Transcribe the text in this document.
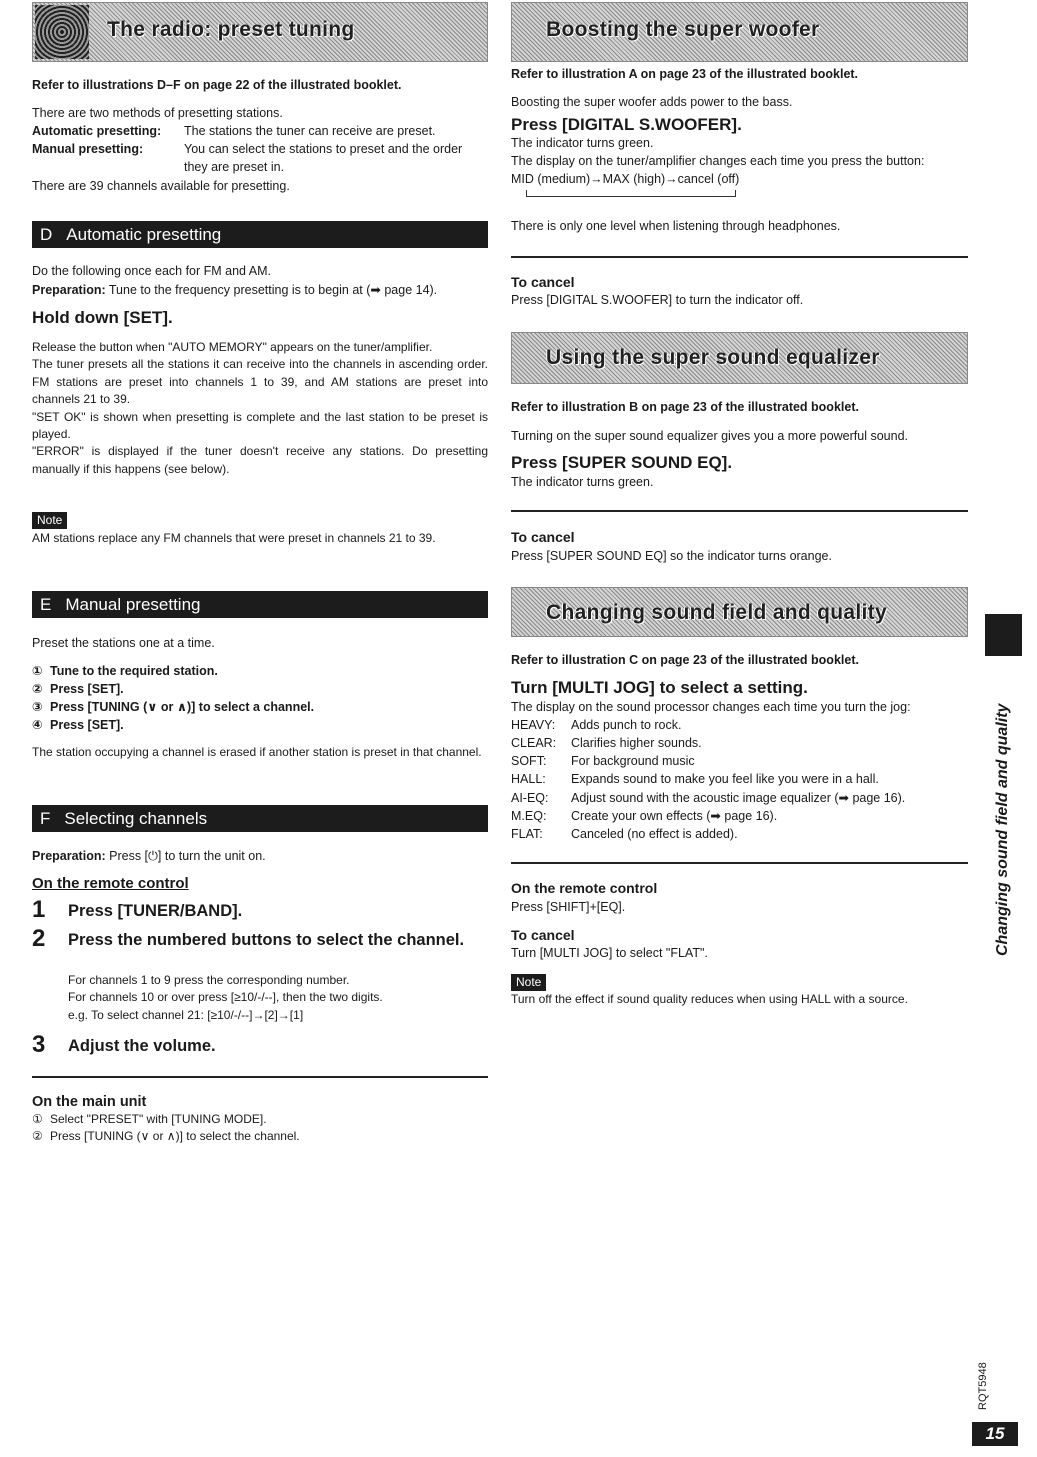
The radio: preset tuning
Refer to illustrations D–F on page 22 of the illustrated booklet.
There are two methods of presetting stations.
Automatic presetting: The stations the tuner can receive are preset.
Manual presetting:	You can select the stations to preset and the order they are preset in.
There are 39 channels available for presetting.
D Automatic presetting
Do the following once each for FM and AM.
Preparation: Tune to the frequency presetting is to begin at (➡ page 14).
Hold down [SET].
Release the button when "AUTO MEMORY" appears on the tuner/amplifier.
The tuner presets all the stations it can receive into the channels in ascending order. FM stations are preset into channels 1 to 39, and AM stations are preset into channels 21 to 39.
"SET OK" is shown when presetting is complete and the last station to be preset is played.
"ERROR" is displayed if the tuner doesn't receive any stations. Do presetting manually if this happens (see below).
Note
AM stations replace any FM channels that were preset in channels 21 to 39.
E Manual presetting
Preset the stations one at a time.
① Tune to the required station.
② Press [SET].
③ Press [TUNING (∨ or ∧)] to select a channel.
④ Press [SET].
The station occupying a channel is erased if another station is preset in that channel.
F Selecting channels
Preparation: Press [⏻] to turn the unit on.
On the remote control
1 Press [TUNER/BAND].
2 Press the numbered buttons to select the channel.
For channels 1 to 9 press the corresponding number.
For channels 10 or over press [≥10/-/--], then the two digits.
e.g. To select channel 21: [≥10/-/--]→[2]→[1]
3 Adjust the volume.
On the main unit
① Select "PRESET" with [TUNING MODE].
② Press [TUNING (∨ or ∧)] to select the channel.
Boosting the super woofer
Refer to illustration A on page 23 of the illustrated booklet.
Boosting the super woofer adds power to the bass.
Press [DIGITAL S.WOOFER].
The indicator turns green.
The display on the tuner/amplifier changes each time you press the button:
MID (medium)→MAX (high)→cancel (off)
There is only one level when listening through headphones.
To cancel
Press [DIGITAL S.WOOFER] to turn the indicator off.
Using the super sound equalizer
Refer to illustration B on page 23 of the illustrated booklet.
Turning on the super sound equalizer gives you a more powerful sound.
Press [SUPER SOUND EQ].
The indicator turns green.
To cancel
Press [SUPER SOUND EQ] so the indicator turns orange.
Changing sound field and quality
Refer to illustration C on page 23 of the illustrated booklet.
Turn [MULTI JOG] to select a setting.
The display on the sound processor changes each time you turn the jog:
HEAVY:	Adds punch to rock.
CLEAR:	Clarifies higher sounds.
SOFT:	For background music
HALL:	Expands sound to make you feel like you were in a hall.
AI-EQ:	Adjust sound with the acoustic image equalizer (➡ page 16).
M.EQ:	Create your own effects (➡ page 16).
FLAT:	Canceled (no effect is added).
On the remote control
Press [SHIFT]+[EQ].
To cancel
Turn [MULTI JOG] to select "FLAT".
Note
Turn off the effect if sound quality reduces when using HALL with a source.
Changing sound field and quality
RQT5948
15
